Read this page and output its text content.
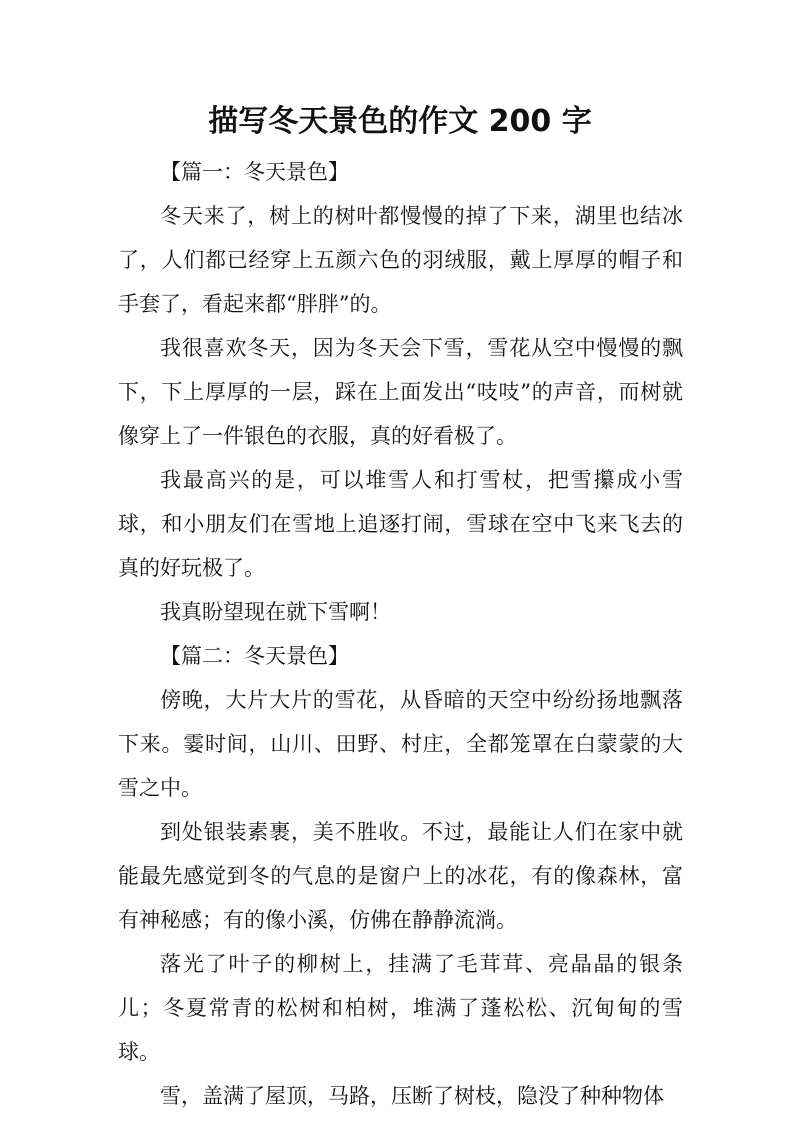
描写冬天景色的作文 200 字

【篇一：冬天景色】

冬天来了，树上的树叶都慢慢的掉了下来，湖里也结冰了，人们都已经穿上五颜六色的羽绒服，戴上厚厚的帽子和手套了，看起来都“胖胖”的。

我很喜欢冬天，因为冬天会下雪，雪花从空中慢慢的飘下，下上厚厚的一层，踩在上面发出“吱吱”的声音，而树就像穿上了一件银色的衣服，真的好看极了。

我最高兴的是，可以堆雪人和打雪杖，把雪攥成小雪球，和小朋友们在雪地上追逐打闹，雪球在空中飞来飞去的真的好玩极了。

我真盼望现在就下雪啊！

【篇二：冬天景色】

傍晚，大片大片的雪花，从昏暗的天空中纷纷扬地飘落下来。霎时间，山川、田野、村庄，全都笼罩在白蒙蒙的大雪之中。

到处银装素裹，美不胜收。不过，最能让人们在家中就能最先感觉到冬的气息的是窗户上的冰花，有的像森林，富有神秘感；有的像小溪，仿佛在静静流淌。

落光了叶子的柳树上，挂满了毛茸茸、亮晶晶的银条儿；冬夏常青的松树和柏树，堆满了蓬松松、沉甸甸的雪球。

雪，盖满了屋顶，马路，压断了树枝，隐没了种种物体
